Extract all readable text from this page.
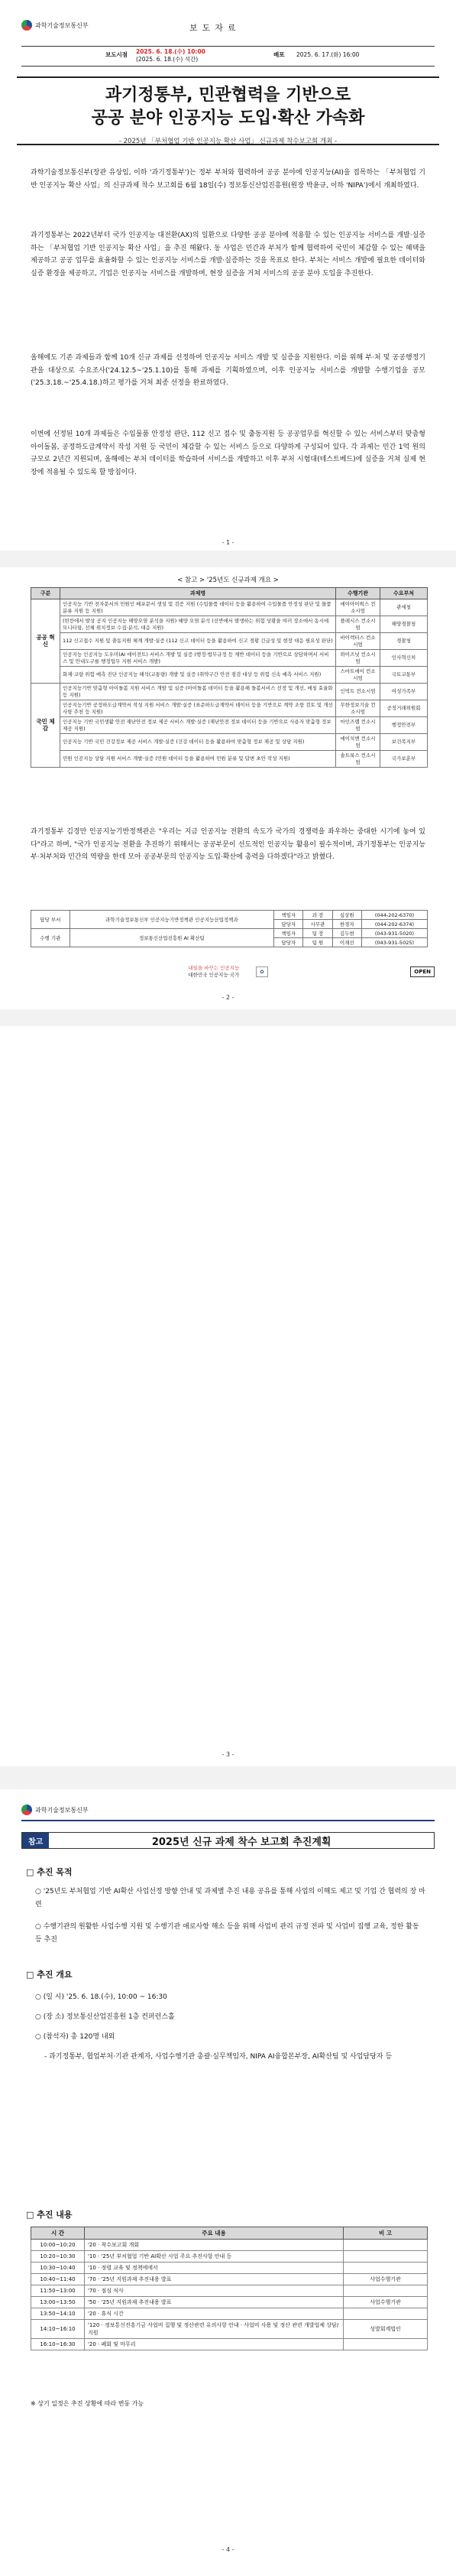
과학기술정보통신부	보도자료
보도시점 2025. 6. 18.(수) 10:00
(2025. 6. 18.(수) 석간)
배포 2025. 6. 17.(화) 16:00
과기정통부, 민관협력을 기반으로
공공 분야 인공지능 도입·확산 가속화
- 2025년 「부처협업 기반 인공지능 확산 사업」 신규과제 착수보고회 개최 -

과학기술정보통신부(장관 유상임, 이하 '과기정통부')는 정부 부처와 협력하여 공공 분야에 인공지능(AI)을 접목하는 「부처협업 기반 인공지능 확산 사업」의 신규과제 착수 보고회를 6월 18일(수) 정보통신산업진흥원(원장 박윤규, 이하 'NIPA')에서 개최하였다.

과기정통부는 2022년부터 국가 인공지능 대전환(AX)의 일환으로 다양한 공공 분야에 적용할 수 있는 인공지능 서비스를 개발·실증하는 「부처협업 기반 인공지능 확산 사업」을 추진 해왔다. 동 사업은 민간과 부처가 함께 협력하여 국민이 체감할 수 있는 혜택을 제공하고 공공 업무를 효율화할 수 있는 인공지능 서비스를 개발·실증하는 것을 목표로 한다. 부처는 서비스 개발에 필요한 데이터와 실증 환경을 제공하고, 기업은 인공지능 서비스를 개발하며, 현장 실증을 거쳐 서비스의 공공 분야 도입을 추진한다.

올해에도 기존 과제들과 함께 10개 신규 과제를 선정하여 인공지능 서비스 개발 및 실증을 지원한다. 이를 위해 부·처 및 공공행정기관을 대상으로 수요조사('24.12.5~'25.1.10)를 통해 과제를 기획하였으며, 이후 인공지능 서비스를 개발할 수행기업을 공모('25.3.18.~'25.4.18.)하고 평가를 거쳐 최종 선정을 완료하였다.

이번에 선정된 10개 과제들은 수입물품 안정성 판단, 112 신고 접수 및 출동지원 등 공공업무를 혁신할 수 있는 서비스부터 맞춤형 아이돌봄, 공정하도급계약서 작성 지원 등 국민이 체감할 수 있는 서비스 등으로 다양하게 구성되어 있다. 각 과제는 민간 1억 원의 규모로 2년간 지원되며, 올해에는 부처 데이터를 학습하여 서비스를 개발하고 이후 부처 시험대(테스트베드)에 실증을 거쳐 실제 현장에 적용될 수 있도록 할 방침이다.

- 1 -
< 참고 > '25년도 신규과제 개요 >
구분	과제명	수행기관	수요부처
공공 혁신	인공지능 기반 전자문서의 민원인 배포문서 생성 및 검증 지원 (수입물품 데이터 등을 활용하여 수입물품 안정성 판단 및 물품분류 지원 등 지원)	에이아이웍스 컨소시엄	관세청
	(빈칸에서 발상 공지 인공지능 해양오염 분석을 지원) 해양 오염 분석 (선반에서 발생하는 위험 상황을 여러 장소에서 동시에 모니터링, 선체 위치정보 수집·분석, 대응 지원)	플레시스 컨소시엄	해양경찰청
	112 신고접수 지원 및 출동지원 체계 개발·실증 (112 신고 데이터 등을 활용하여 신고 경황 긴급성 및 현장 대응 필요성 판단)	바이렉터스 컨소시엄	경찰청
	인공지능 인공지능 도우미(AI 에이전트) 서비스 개발 및 실증 (행정·법무규정 등 제반 데이터 등을 기반으로 상담하며서 서비스 및 안내도구를 행정업무 지원 서비스 개발)	와이즈넛 컨소시엄	인사혁신처
	화재·교량 위험 예측 진단 인공지능 해석(교통량) 개발 및 실증 (취약구간 안전 점검 대상 등 위험 신속 예측 서비스 지원)	스마트에이 컨소시엄	국토교통부
국민 체감	인공지능기반 맞춤형 아이돌봄 지원 서비스 개발 및 실증 (아이돌봄 데이터 등을 활용해 돌봄서비스 선정 및 개선, 매칭 효율화 등 지원)	인빅트 컨소시엄	여성가족부
	인공지능기반 공정하도급계약서 작성 지원 서비스 개발·실증 (표준하도급계약서 데이터 등을 기반으로 계약 조항 검토 및 개선사항 추천 등 지원)	무한정보기술 컨소시엄	공정거래위원회
	인공지능 기반 국민생활 안전 재난안전 정보 제공 서비스 개발·실증 (재난안전 정보 데이터 등을 기반으로 사용자 맞춤형 정보 제공 지원)	마인즈랩 컨소시엄	행정안전부
	인공지능 기반 국민 건강정보 제공 서비스 개발·실증 (건강 데이터 등을 활용하여 맞춤형 정보 제공 및 상담 지원)	에이치엔 컨소시엄	보건복지부
	민원 인공지능 상담 지원 서비스 개발·실증 (민원 데이터 등을 활용하여 민원 분류 및 답변 초안 작성 지원)	솔트룩스 컨소시엄	국가보훈부

과기정통부 김경만 인공지능기반정책관은 "우리는 지금 인공지능 전환의 속도가 국가의 경쟁력을 좌우하는 중대한 시기에 놓여 있다"라고 하며, "국가 인공지능 전환을 추진하기 위해서는 공공부문이 선도적인 인공지능 활용이 필수적이며, 과기정통부는 인공지능 부·처부처와 민간의 역량을 한데 모아 공공부문의 인공지능 도입·확산에 총력을 다하겠다"라고 밝혔다.

담당 부서	과학기술정보통신부 인공지능기반정책관 인공지능산업정책과	책임자	과 장	심상원	(044-202-6370)
		담당자	사무관	한경자	(044-202-6374)
수행 기관	정보통신산업진흥원 AI 확산팀	책임자	팀 장	김두현	(043-931-5020)
		담당자	팀 원	이재선	(043-931-5025)
내일을 바꾸는 인공지능
대한민국 인공지능 국가	✿	OPEN
- 2 -
- 3 -
과학기술정보통신부
참고	2025년 신규 과제 착수 보고회 추진계획
□ 추진 목적
○ '25년도 부처협업 기반 AI확산 사업선정 방향 안내 및 과제별 추진 내용 공유를 통해 사업의 이해도 제고 및 기업 간 협력의 장 마련
○ 수행기관의 원활한 사업수행 지원 및 수행기관 애로사항 해소 등을 위해 사업비 관리 규정 전파 및 사업비 집행 교육, 정한 활동 등 추진
□ 추진 개요
○ (일 시) '25. 6. 18.(수), 10:00 ~ 16:30
○ (장 소) 정보통신산업진흥원 1층 컨퍼런스홀
○ (참석자) 총 120명 내외
- 과기정통부, 협업부처·기관 관계자, 사업수행기관 총괄·실무책임자, NIPA AI융합본부장, AI확산팀 및 사업담당자 등
□ 추진 내용
시 간	주요 내용	비 고
10:00~10:20	'20 · 착수보고회 개회	
10:20~10:30	'10 · '25년 부처협업 기반 AI확산 사업 주요 추진사항 안내 등	
10:30~10:40	'10 · 정렬 교육 및 정책에에서	
10:40~11:40	'70 · '25년 지원과제 추진내용 발표	사업수행기관
11:50~13:00	'70 · 점심 식사	
13:00~13:50	'50 · '25년 지원과제 추진내용 발표	사업수행기관
13:50~14:10	'20 · 휴식 시간	
14:10~16:10	'120 · 정보통신진흥기금 사업비 집행 및 정산관련 유의사항 안내 · 사업비 사용 및 정산 관련 개발업체 상담/지원	성발회계법인
16:10~16:30	'20 · 폐회 및 마무리	
※ 상기 일정은 추진 상황에 따라 변동 가능
- 4 -
